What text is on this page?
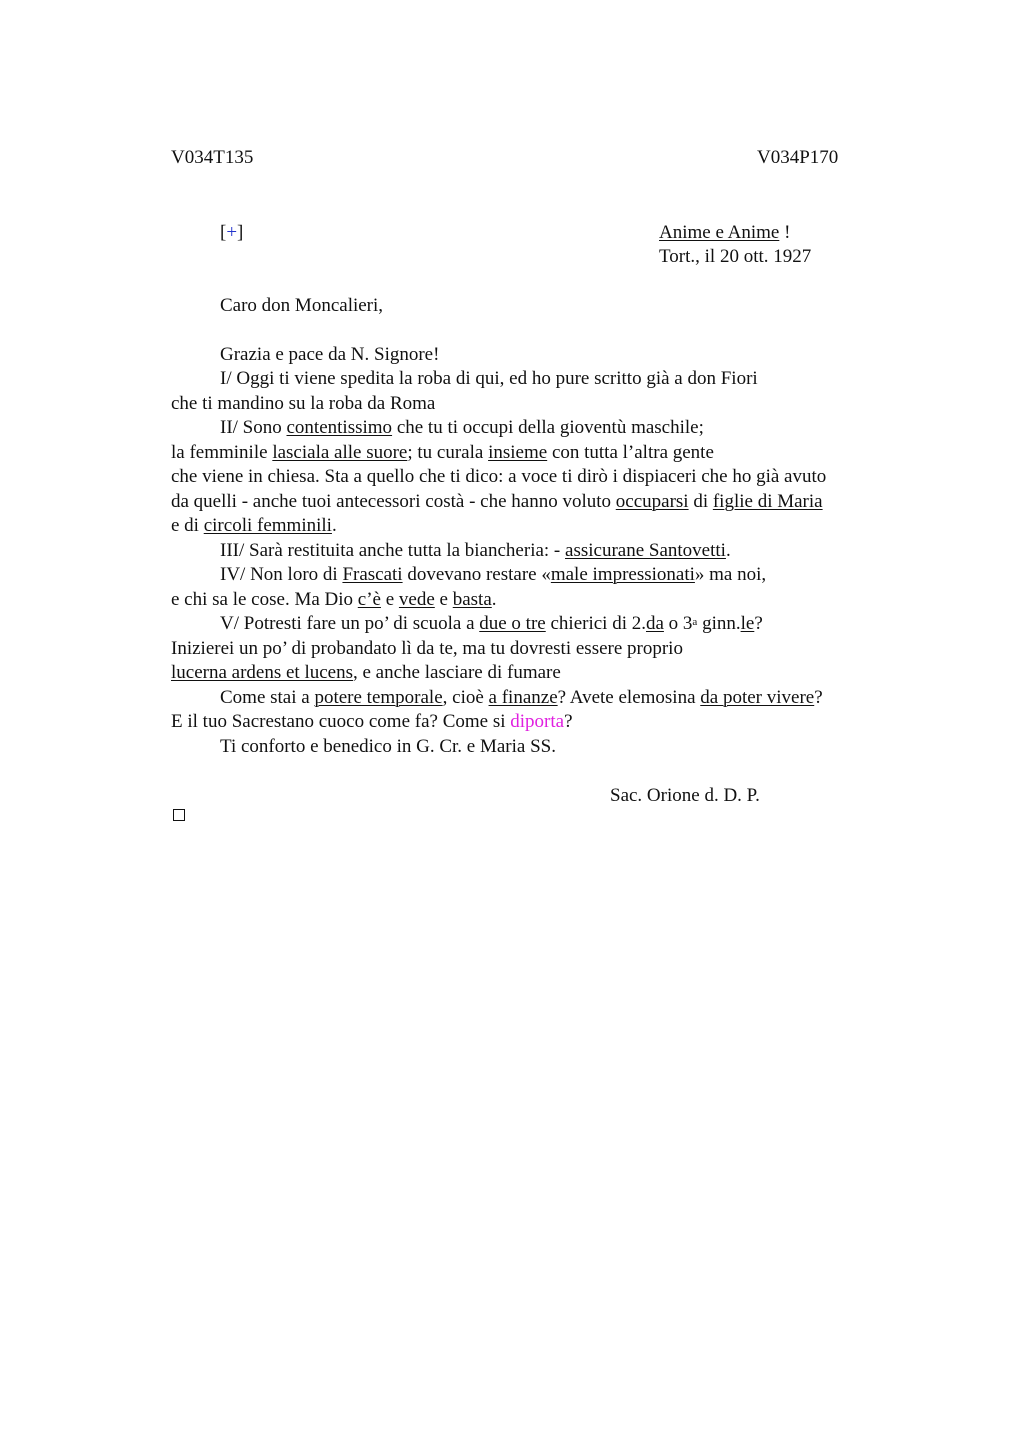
V034T135	V034P170
[+]	Anime e Anime !
Tort., il 20 ott. 1927
Caro don Moncalieri,
Grazia e pace da N. Signore!
I/ Oggi ti viene spedita la roba di qui, ed ho pure scritto già a don Fiori
che ti mandino su la roba da Roma
II/ Sono contentissimo che tu ti occupi della gioventù maschile;
la femminile lasciala alle suore; tu curala insieme con tutta l’altra gente
che viene in chiesa. Sta a quello che ti dico: a voce ti dirò i dispiaceri che ho già avuto
da quelli - anche tuoi antecessori costà - che hanno voluto occuparsi di figlie di Maria
e di circoli femminili.
III/ Sarà restituita anche tutta la biancheria: - assicurane Santovetti.
IV/ Non loro di Frascati dovevano restare «male impressionati» ma noi,
e chi sa le cose. Ma Dio c’è e vede e basta.
V/ Potresti fare un po’ di scuola a due o tre chierici di 2.da o 3$^a$ ginn.le?
Inizierei un po’ di probandato lì da te, ma tu dovresti essere proprio
lucerna ardens et lucens, e anche lasciare di fumare
Come stai a potere temporale, cioè a finanze? Avete elemosina da poter vivere?
E il tuo Sacrestano cuoco come fa? Come si diporta?
Ti conforto e benedico in G. Cr. e Maria SS.
Sac. Orione d. D. P.
